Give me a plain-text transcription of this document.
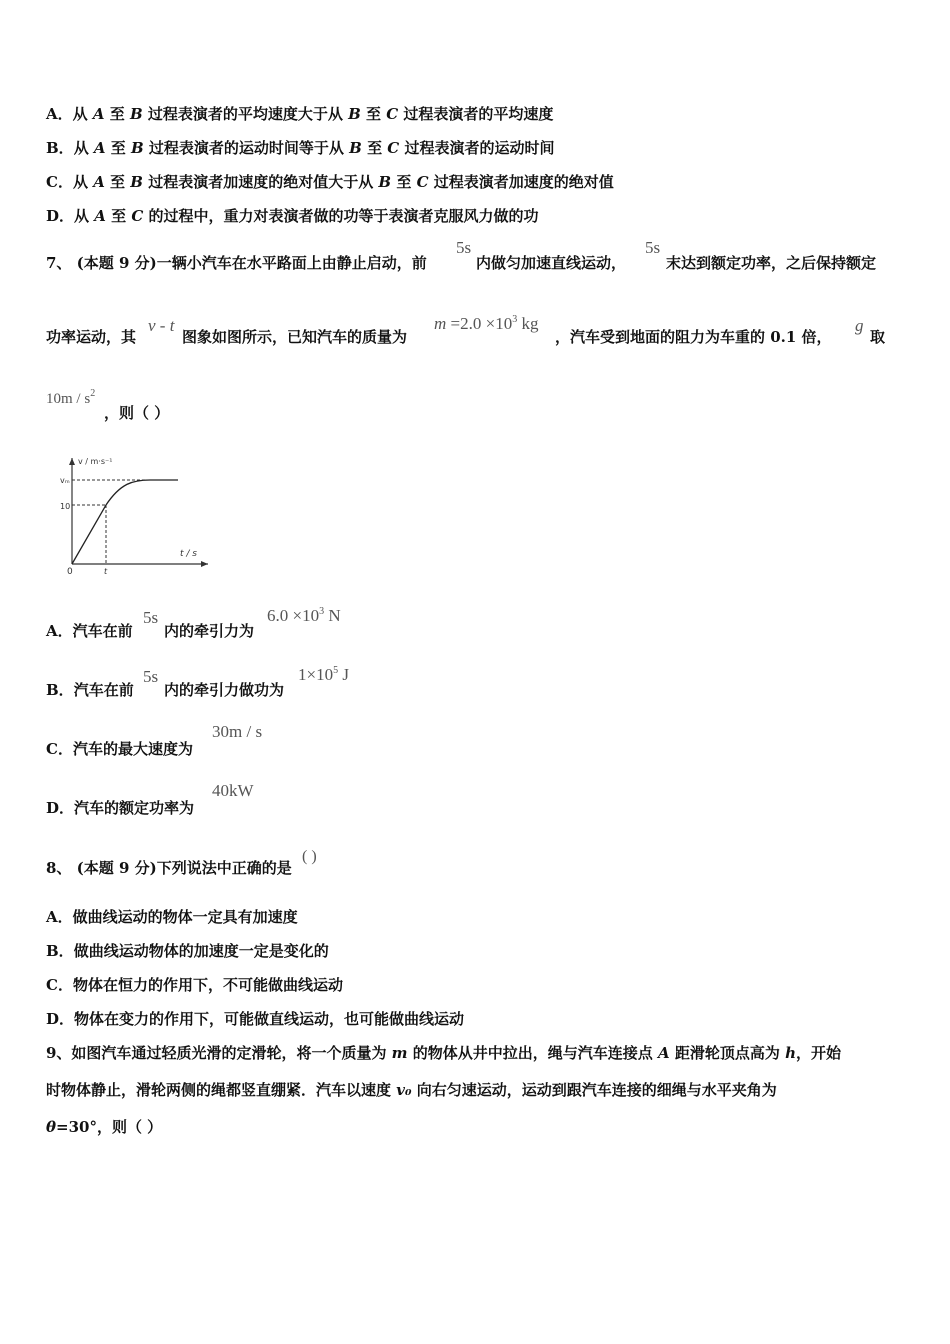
A．从 A 至 B 过程表演者的平均速度大于从 B 至 C 过程表演者的平均速度
B．从 A 至 B 过程表演者的运动时间等于从 B 至 C 过程表演者的运动时间
C．从 A 至 B 过程表演者加速度的绝对值大于从 B 至 C 过程表演者加速度的绝对值
D．从 A 至 C 的过程中，重力对表演者做的功等于表演者克服风力做的功
7、 (本题 9 分)一辆小汽车在水平路面上由静止启动，前
5s
内做匀加速直线运动，
5s
末达到额定功率，之后保持额定
功率运动，其
v - t
图象如图所示，已知汽车的质量为
$m =2.0 \times 10^3$ kg
，汽车受到地面的阻力为车重的 0.1 倍，
g
取
$10m / s^2$
，则（ ）
v / m·s⁻¹
t / s
0
vₘ
10
t
A．汽车在前
5s
内的牵引力为
$6.0 \times 10^3$ N
B．汽车在前
5s
内的牵引力做功为
$1\times 10^5$ J
C．汽车的最大速度为
30m / s
D．汽车的额定功率为
40kW
8、 (本题 9 分)下列说法中正确的是
( )
A．做曲线运动的物体一定具有加速度
B．做曲线运动物体的加速度一定是变化的
C．物体在恒力的作用下，不可能做曲线运动
D．物体在变力的作用下，可能做直线运动，也可能做曲线运动
9、如图汽车通过轻质光滑的定滑轮，将一个质量为 m 的物体从井中拉出，绳与汽车连接点 A 距滑轮顶点高为 h，开始
时物体静止，滑轮两侧的绳都竖直绷紧．汽车以速度 v₀ 向右匀速运动，运动到跟汽车连接的细绳与水平夹角为
θ=30°，则（ ）
